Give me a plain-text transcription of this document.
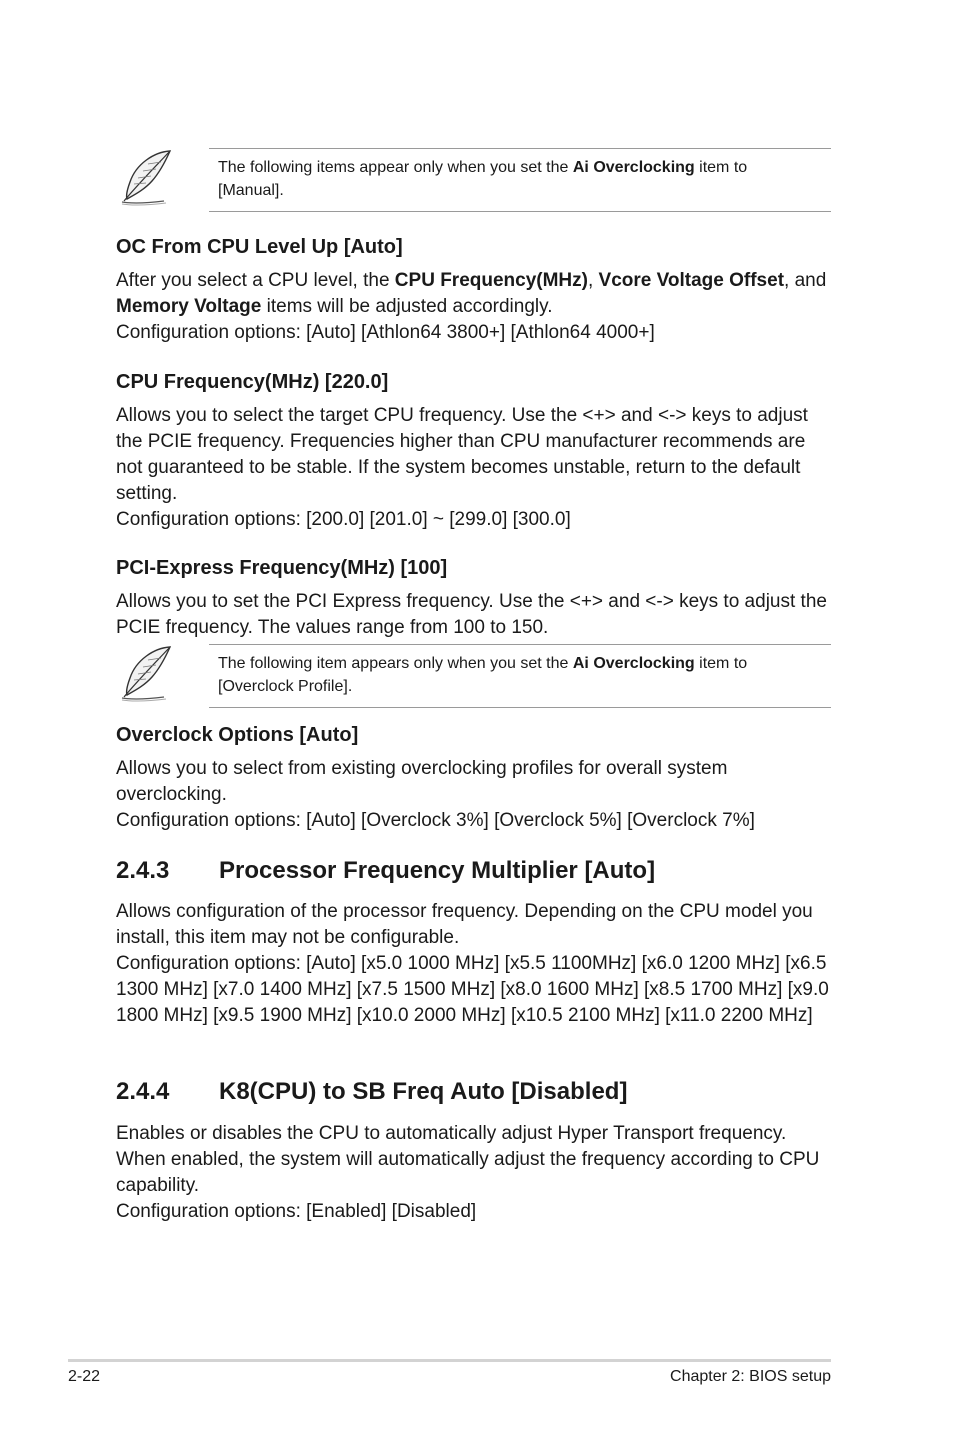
The following items appear only when you set the Ai Overclocking item to [Manual].
OC From CPU Level Up [Auto]

After you select a CPU level, the CPU Frequency(MHz), Vcore Voltage Offset, and Memory Voltage items will be adjusted accordingly.
Configuration options: [Auto] [Athlon64 3800+] [Athlon64 4000+]

CPU Frequency(MHz) [220.0]

Allows you to select the target CPU frequency. Use the <+> and <-> keys to adjust the PCIE frequency. Frequencies higher than CPU manufacturer recommends are not guaranteed to be stable. If the system becomes unstable, return to the default setting.
Configuration options: [200.0] [201.0] ~ [299.0] [300.0]

PCI-Express Frequency(MHz) [100]

Allows you to set the PCI Express frequency. Use the <+> and <-> keys to adjust the PCIE frequency. The values range from 100 to 150.

The following item appears only when you set the Ai Overclocking item to [Overclock Profile].
Overclock Options [Auto]

Allows you to select from existing overclocking profiles for overall system overclocking.
Configuration options: [Auto] [Overclock 3%] [Overclock 5%] [Overclock 7%]

2.4.3 Processor Frequency Multiplier [Auto]

Allows configuration of the processor frequency. Depending on the CPU model you install, this item may not be configurable.
Configuration options: [Auto] [x5.0 1000 MHz] [x5.5 1100MHz] [x6.0 1200 MHz] [x6.5 1300 MHz] [x7.0 1400 MHz] [x7.5 1500 MHz] [x8.0 1600 MHz] [x8.5 1700 MHz] [x9.0 1800 MHz] [x9.5 1900 MHz] [x10.0 2000 MHz] [x10.5 2100 MHz] [x11.0 2200 MHz]

2.4.4 K8(CPU) to SB Freq Auto [Disabled]

Enables or disables the CPU to automatically adjust Hyper Transport frequency. When enabled, the system will automatically adjust the frequency according to CPU capability.
Configuration options: [Enabled] [Disabled]

2-22	Chapter 2: BIOS setup
